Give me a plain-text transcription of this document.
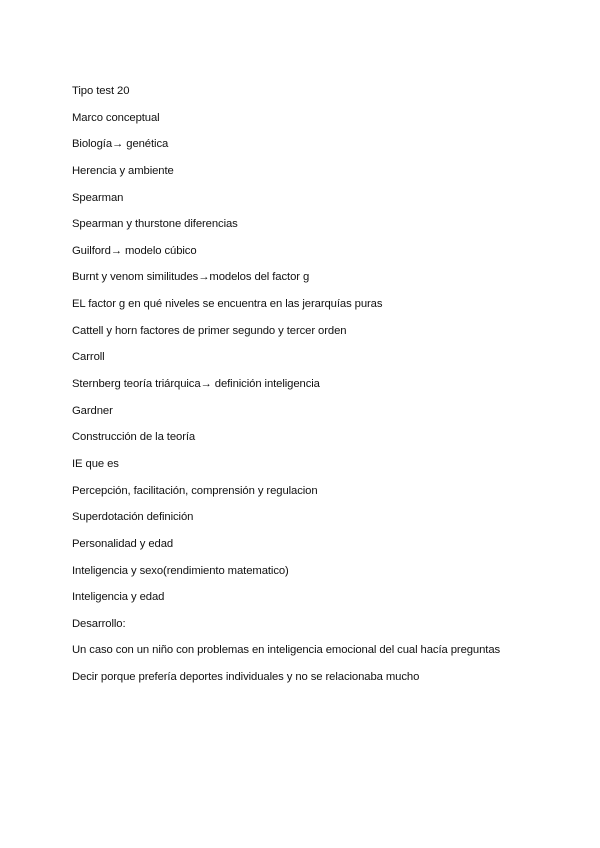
Tipo test 20
Marco conceptual
Biología→ genética
Herencia y ambiente
Spearman
Spearman y thurstone diferencias
Guilford→ modelo cúbico
Burnt y venom similitudes→modelos del factor g
EL factor g en qué niveles se encuentra en las jerarquías puras
Cattell y horn factores de primer segundo y tercer orden
Carroll
Sternberg teoría triárquica→ definición inteligencia
Gardner
Construcción de la teoría
IE que es
Percepción, facilitación, comprensión y regulacion
Superdotación definición
Personalidad y edad
Inteligencia y sexo(rendimiento matematico)
Inteligencia y edad
Desarrollo:
Un caso con un niño con problemas en inteligencia emocional del cual hacía preguntas
Decir porque prefería deportes individuales y no se relacionaba mucho
